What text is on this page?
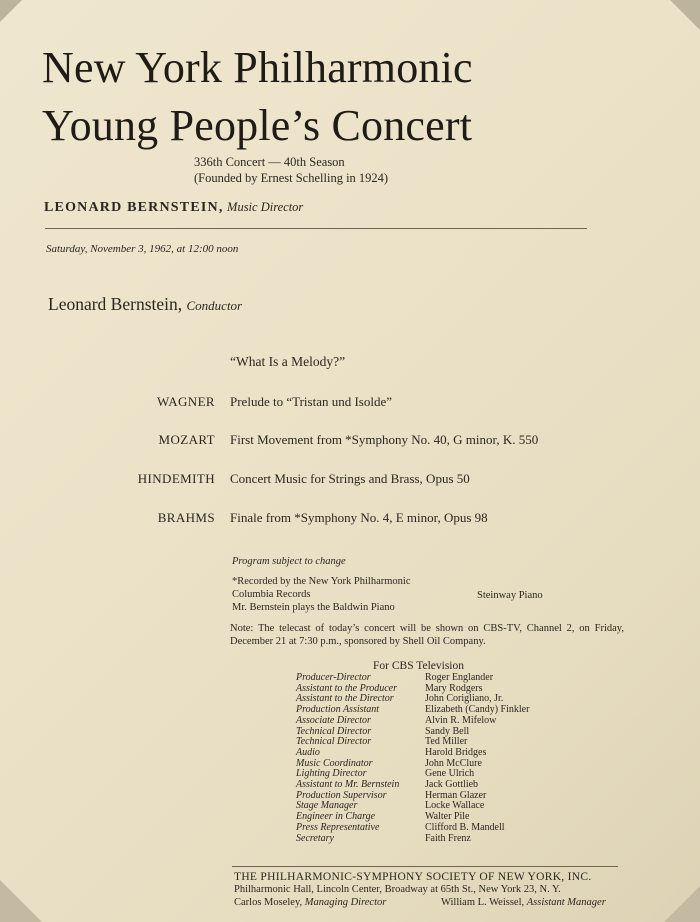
New York Philharmonic
Young People’s Concert
336th Concert — 40th Season
(Founded by Ernest Schelling in 1924)
LEONARD BERNSTEIN, Music Director
Saturday, November 3, 1962, at 12:00 noon
Leonard Bernstein, Conductor
“What Is a Melody?”
WAGNER Prelude to “Tristan und Isolde”
MOZART First Movement from *Symphony No. 40, G minor, K. 550
HINDEMITH Concert Music for Strings and Brass, Opus 50
BRAHMS Finale from *Symphony No. 4, E minor, Opus 98
Program subject to change
*Recorded by the New York Philharmonic
Columbia Records
Mr. Bernstein plays the Baldwin Piano
Steinway Piano
Note: The telecast of today’s concert will be shown on CBS-TV, Channel 2, on Friday, December 21 at 7:30 p.m., sponsored by Shell Oil Company.
For CBS Television
Producer-Director	Roger Englander
Assistant to the Producer	Mary Rodgers
Assistant to the Director	John Corigliano, Jr.
Production Assistant	Elizabeth (Candy) Finkler
Associate Director	Alvin R. Mifelow
Technical Director	Sandy Bell
Technical Director	Ted Miller
Audio	Harold Bridges
Music Coordinator	John McClure
Lighting Director	Gene Ulrich
Assistant to Mr. Bernstein	Jack Gottlieb
Production Supervisor	Herman Glazer
Stage Manager	Locke Wallace
Engineer in Charge	Walter Pile
Press Representative	Clifford B. Mandell
Secretary	Faith Frenz
THE PHILHARMONIC-SYMPHONY SOCIETY OF NEW YORK, INC.
Philharmonic Hall, Lincoln Center, Broadway at 65th St., New York 23, N. Y.
Carlos Moseley, Managing Director	William L. Weissel, Assistant Manager
